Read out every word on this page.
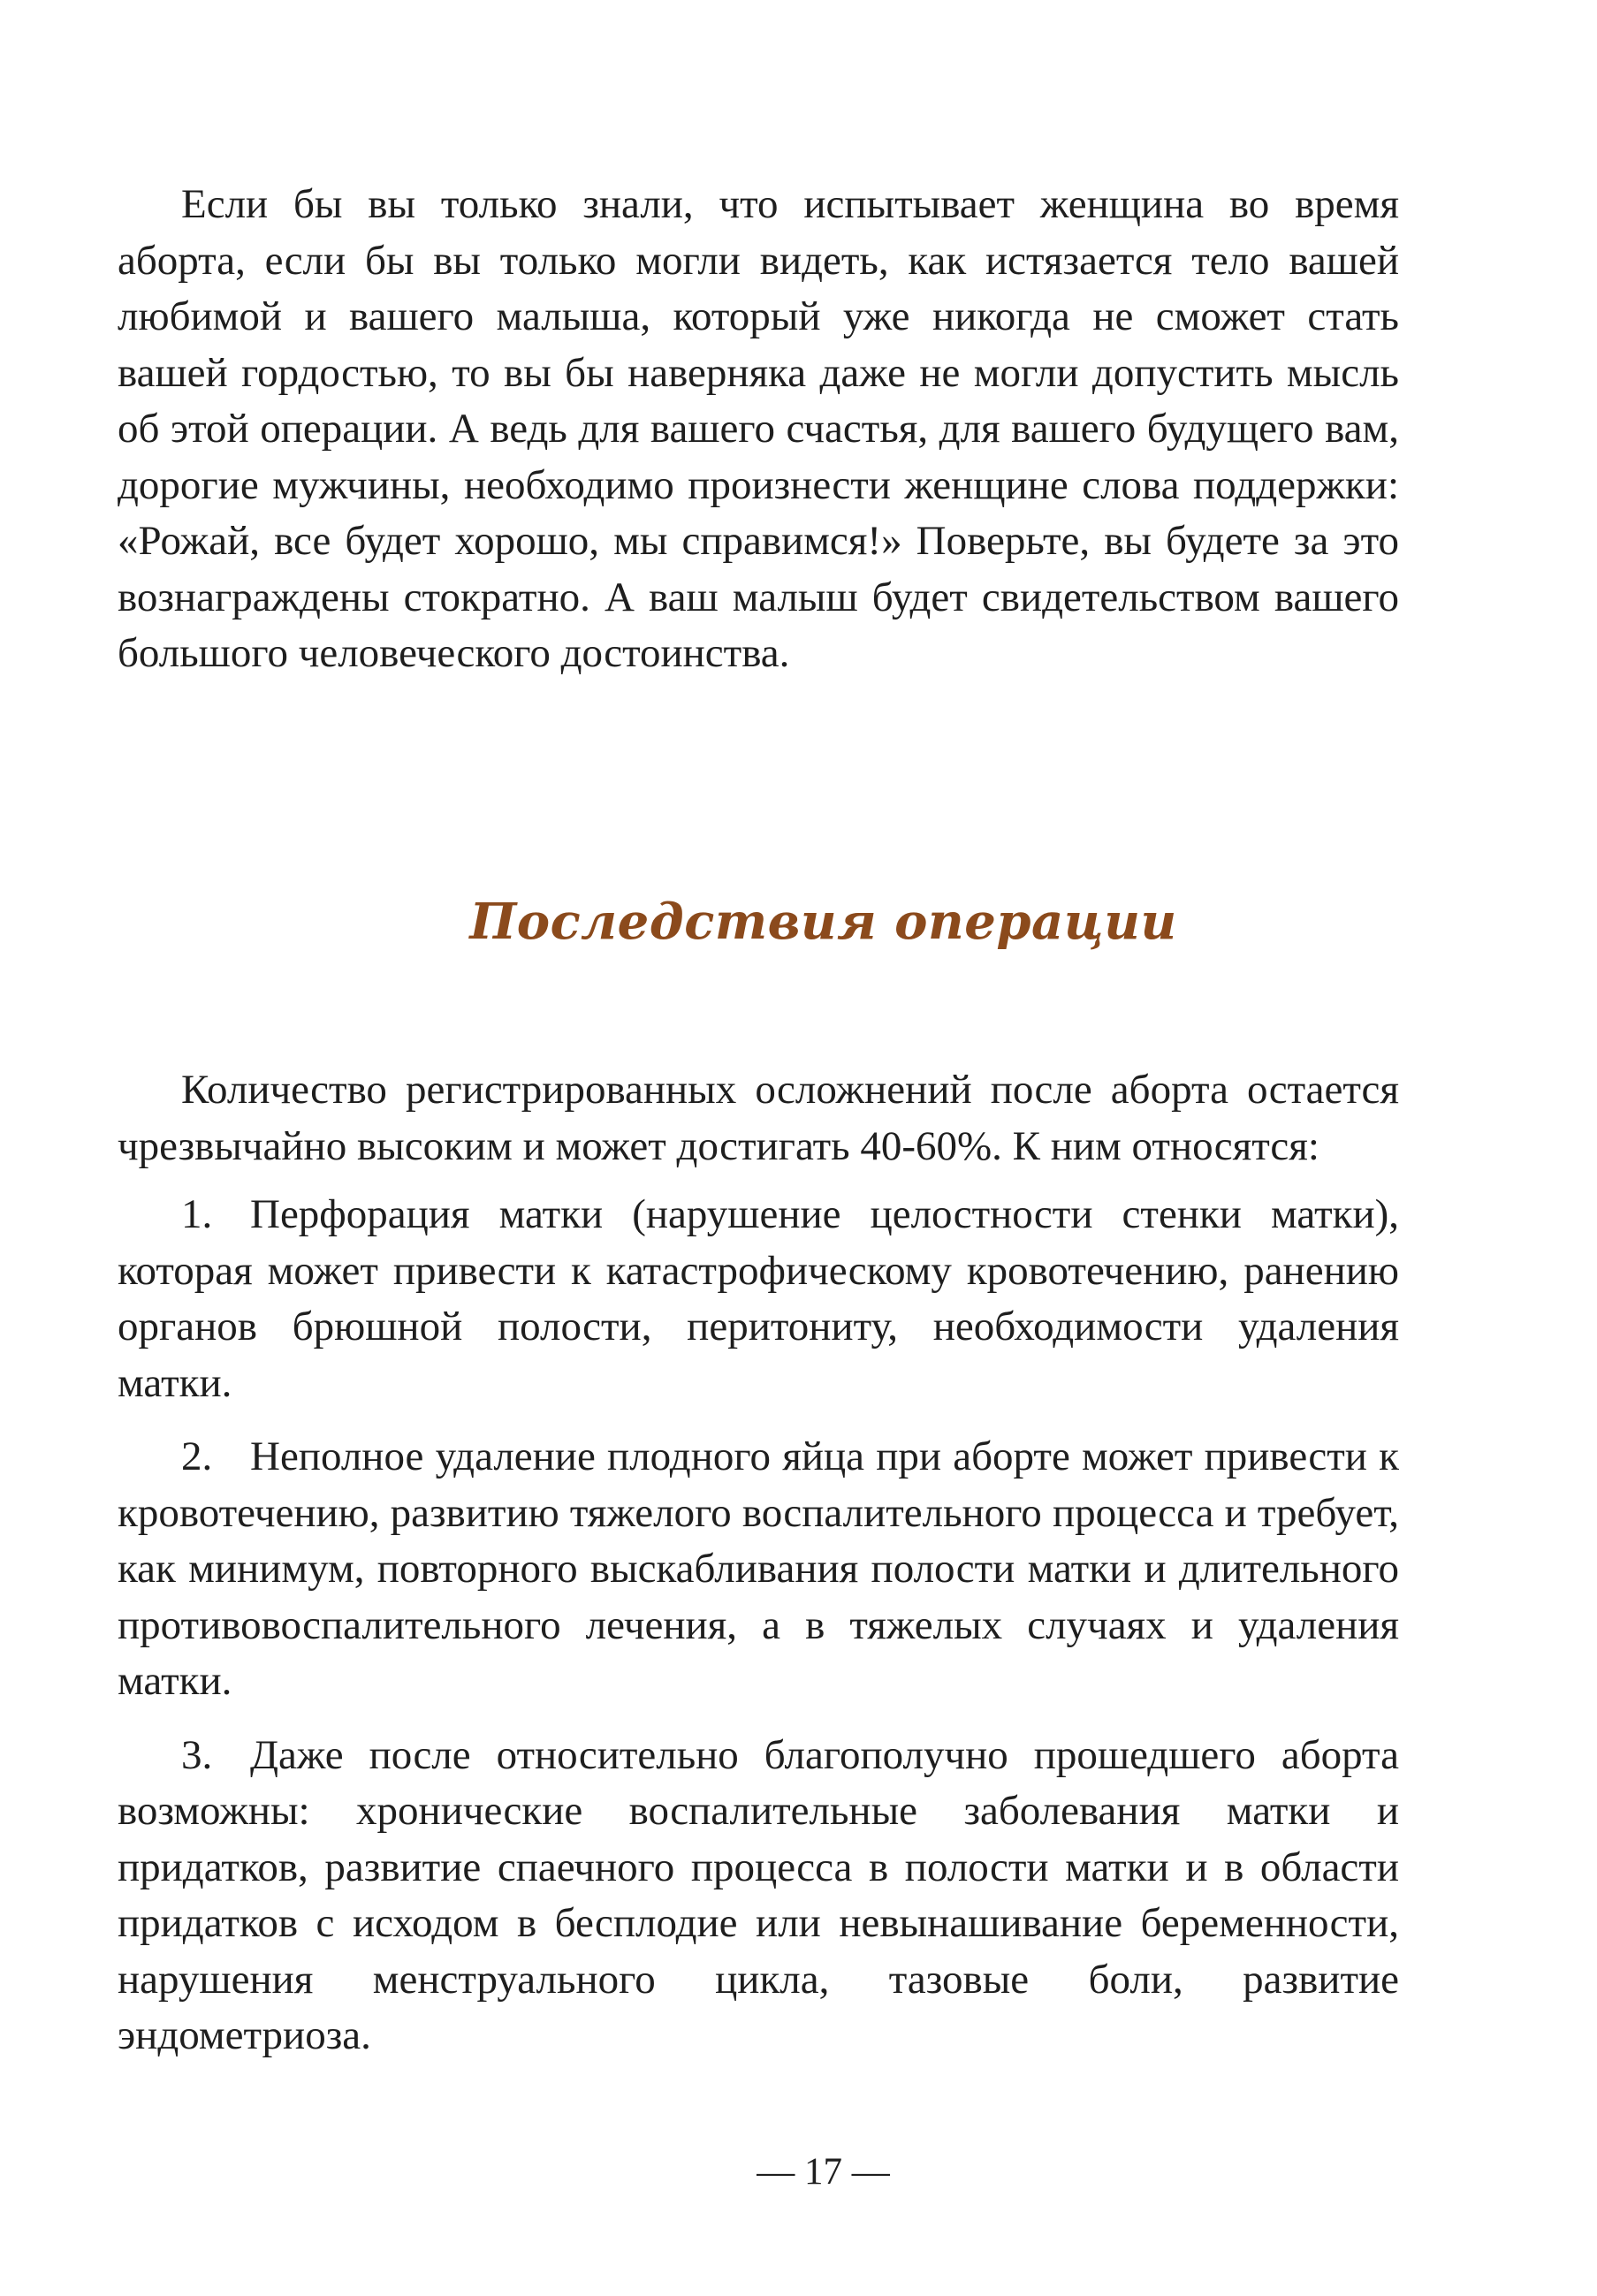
Если бы вы только знали, что испытывает женщина во время аборта, если бы вы только могли видеть, как истязается тело вашей любимой и вашего малыша, который уже никогда не сможет стать вашей гордостью, то вы бы наверняка даже не могли допустить мысль об этой операции. А ведь для вашего счастья, для вашего будущего вам, дорогие мужчины, необходимо произнести женщине слова поддержки: «Рожай, все будет хорошо, мы справимся!» Поверьте, вы будете за это вознаграждены стократно. А ваш малыш будет свидетельством вашего большого человеческого достоинства.

Последствия операции

Количество регистрированных осложнений после аборта остается чрезвычайно высоким и может достигать 40-60%. К ним относятся:

1. Перфорация матки (нарушение целостности стенки матки), которая может привести к катастрофическому кровотечению, ранению органов брюшной полости, перитониту, необходимости удаления матки.

2. Неполное удаление плодного яйца при аборте может привести к кровотечению, развитию тяжелого воспалительного процесса и требует, как минимум, повторного выскабливания полости матки и длительного противовоспалительного лечения, а в тяжелых случаях и удаления матки.

3. Даже после относительно благополучно прошедшего аборта возможны: хронические воспалительные заболевания матки и придатков, развитие спаечного процесса в полости матки и в области придатков с исходом в бесплодие или невынашивание беременности, нарушения менструального цикла, тазовые боли, развитие эндометриоза.

— 17 —
